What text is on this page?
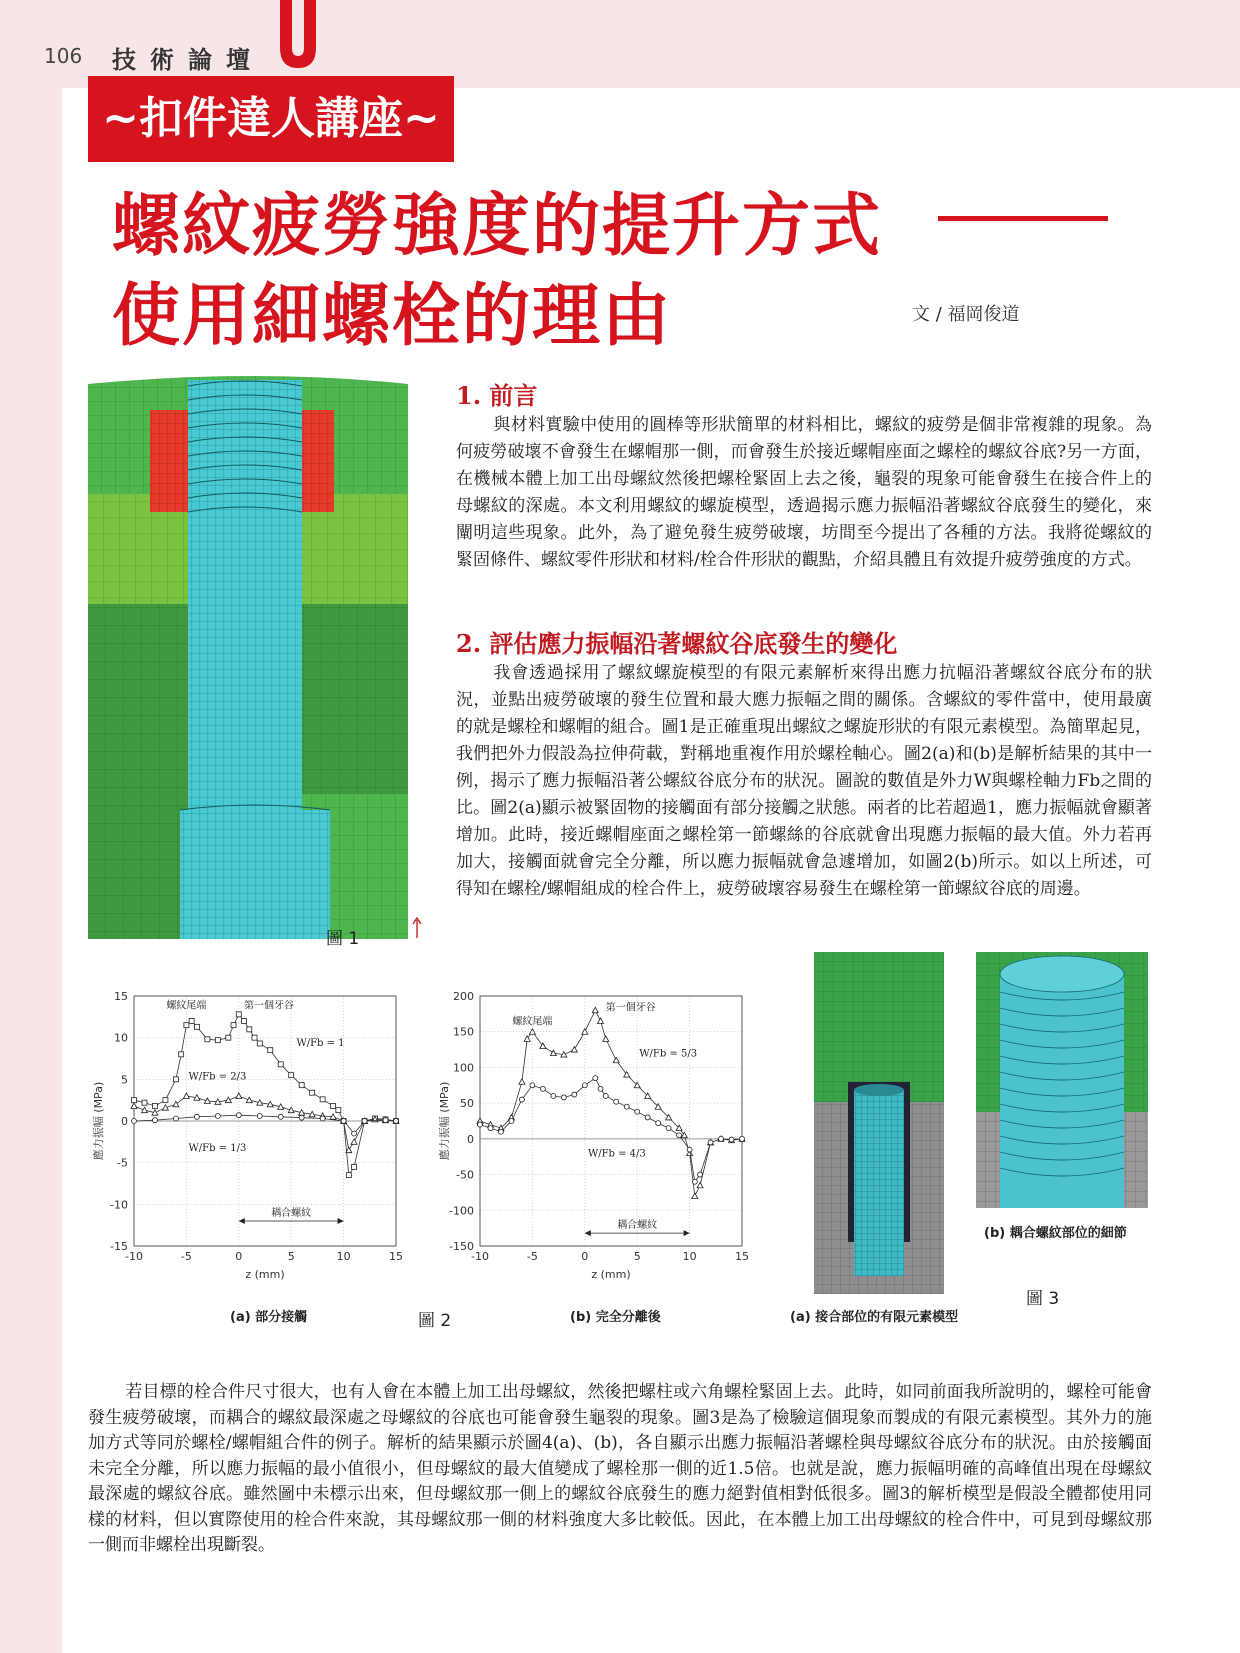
106 技術論壇
~扣件達人講座~
螺紋疲勞強度的提升方式
使用細螺栓的理由	文 / 福岡俊道
圖 1
1. 前言

與材料實驗中使用的圓棒等形狀簡單的材料相比，螺紋的疲勞是個非常複雜的現象。為何疲勞破壞不會發生在螺帽那一側，而會發生於接近螺帽座面之螺栓的螺紋谷底?另一方面，在機械本體上加工出母螺紋然後把螺栓緊固上去之後，龜裂的現象可能會發生在接合件上的母螺紋的深處。本文利用螺紋的螺旋模型，透過揭示應力振幅沿著螺紋谷底發生的變化，來闡明這些現象。此外，為了避免發生疲勞破壞，坊間至今提出了各種的方法。我將從螺紋的緊固條件、螺紋零件形狀和材料/栓合件形狀的觀點，介紹具體且有效提升疲勞強度的方式。

2. 評估應力振幅沿著螺紋谷底發生的變化

我會透過採用了螺紋螺旋模型的有限元素解析來得出應力抗幅沿著螺紋谷底分布的狀況，並點出疲勞破壞的發生位置和最大應力振幅之間的關係。含螺紋的零件當中，使用最廣的就是螺栓和螺帽的組合。圖1是正確重現出螺紋之螺旋形狀的有限元素模型。為簡單起見，我們把外力假設為拉伸荷載，對稱地重複作用於螺栓軸心。圖2(a)和(b)是解析結果的其中一例，揭示了應力振幅沿著公螺紋谷底分布的狀況。圖說的數值是外力W與螺栓軸力Fb之間的比。圖2(a)顯示被緊固物的接觸面有部分接觸之狀態。兩者的比若超過1，應力振幅就會顯著增加。此時，接近螺帽座面之螺栓第一節螺絲的谷底就會出現應力振幅的最大值。外力若再加大，接觸面就會完全分離，所以應力振幅就會急遽增加，如圖2(b)所示。如以上所述，可得知在螺栓/螺帽組成的栓合件上，疲勞破壞容易發生在螺栓第一節螺紋谷底的周邊。

-10	-5	0	5	10	15
-15
-10
-5
0
5
10
15
z (mm)
應力振幅 (MPa)
W/Fb = 1
W/Fb = 2/3
W/Fb = 1/3
螺紋尾端	第一個牙谷
耦合螺紋
-10	-5	0	5	10	15
-150
-100
-50
0
50
100
150
200
z (mm)
應力振幅 (MPa)
W/Fb = 5/3
W/Fb = 4/3
螺紋尾端
第一個牙谷
耦合螺紋
(a) 部分接觸	圖 2	(b) 完全分離後
(b) 耦合螺紋部位的細節
圖 3
(a) 接合部位的有限元素模型

若目標的栓合件尺寸很大，也有人會在本體上加工出母螺紋，然後把螺柱或六角螺栓緊固上去。此時，如同前面我所說明的，螺栓可能會發生疲勞破壞，而耦合的螺紋最深處之母螺紋的谷底也可能會發生龜裂的現象。圖3是為了檢驗這個現象而製成的有限元素模型。其外力的施加方式等同於螺栓/螺帽組合件的例子。解析的結果顯示於圖4(a)、(b)，各自顯示出應力振幅沿著螺栓與母螺紋谷底分布的狀況。由於接觸面未完全分離，所以應力振幅的最小值很小，但母螺紋的最大值變成了螺栓那一側的近1.5倍。也就是說，應力振幅明確的高峰值出現在母螺紋最深處的螺紋谷底。雖然圖中未標示出來，但母螺紋那一側上的螺紋谷底發生的應力絕對值相對低很多。圖3的解析模型是假設全體都使用同樣的材料，但以實際使用的栓合件來說，其母螺紋那一側的材料強度大多比較低。因此，在本體上加工出母螺紋的栓合件中，可見到母螺紋那一側而非螺栓出現斷裂。
